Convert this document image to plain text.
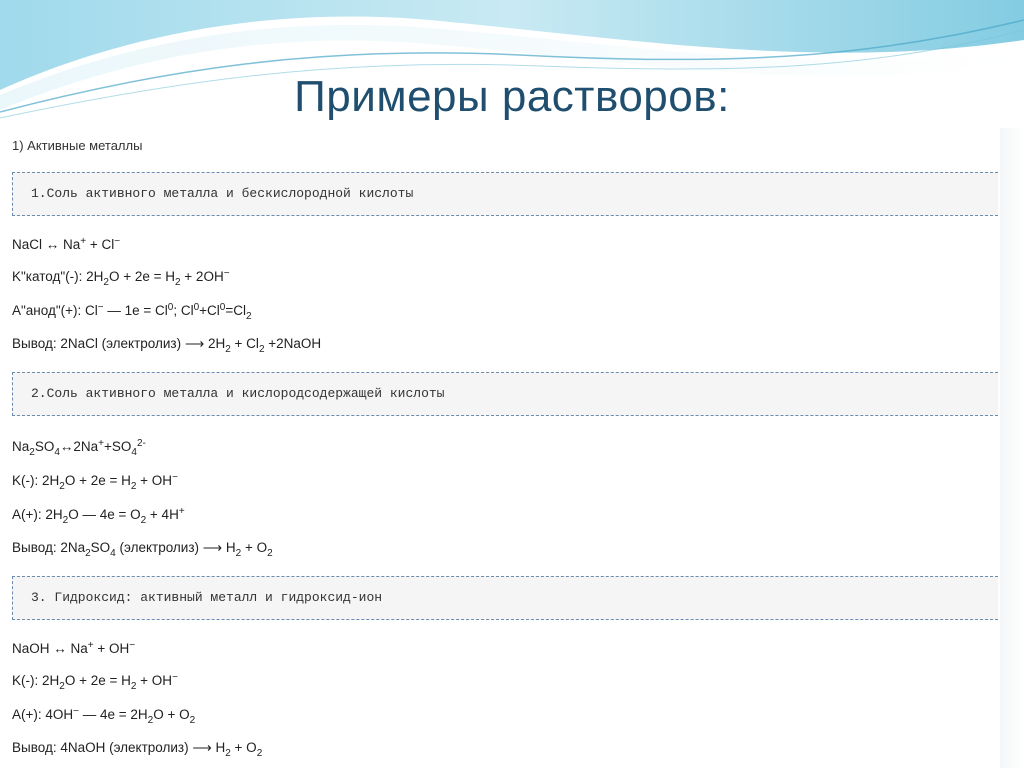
Примеры растворов:
1) Активные металлы
1.Соль активного металла и бескислородной кислоты
NaCl ↔ Na+ + Cl−
K"катод"(-): $2H_2O + 2e = H_2 + 2OH^-$
A"анод"(+): Cl− — $1e = Cl^0$; $Cl^0+Cl^0=Cl_2$
Вывод: 2NaCl (электролиз) ⟶ $2H_2 + Cl_2$ +2NaOH
2.Соль активного металла и кислородсодержащей кислоты
$Na_2SO_4\leftrightarrow 2Na^++SO_4^{2-}$
K(-): $2H_2O + 2e = H_2 + OH^-$
A(+): $2H_2O$ — $4e = O_2 + 4H^+$
Вывод: $2Na_2SO_4$ (электролиз) ⟶ $H_2 + O_2$
3. Гидроксид: активный металл и гидроксид-ион
NaOH ↔ Na+ + OH−
K(-): $2H_2O + 2e = H_2 + OH^-$
A(+): 4OH− — $4e = 2H_2O + O_2$
Вывод: 4NaOH (электролиз) ⟶ $H_2 + O_2$
